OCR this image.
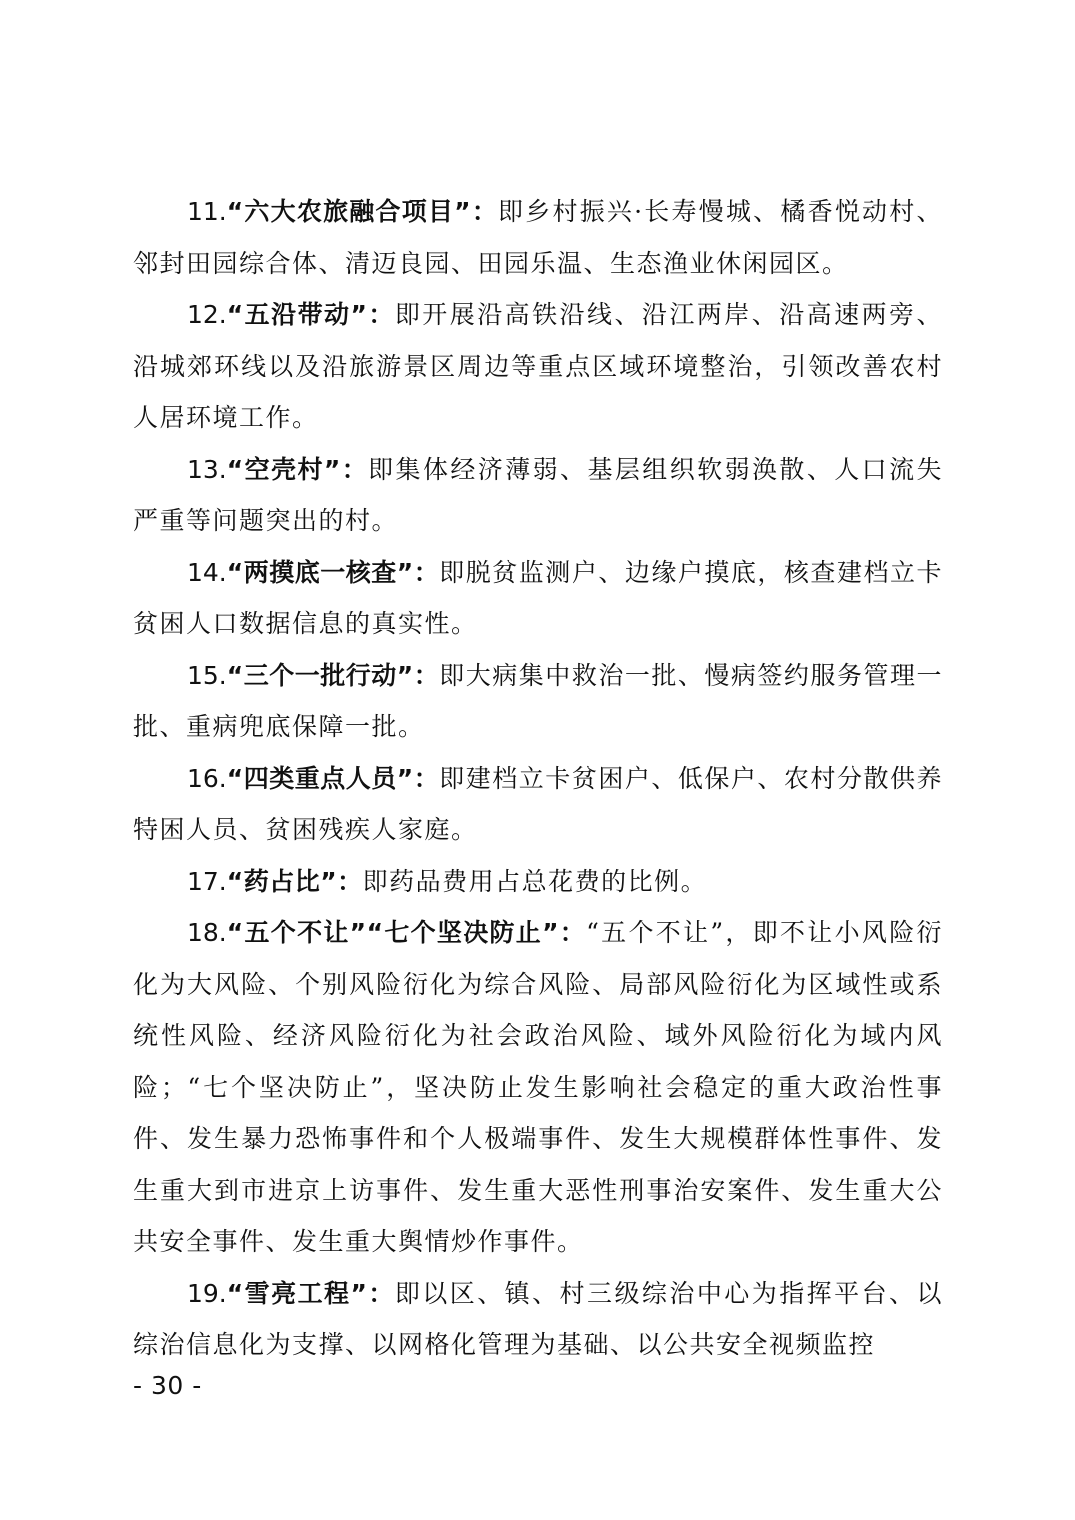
11.“六大农旅融合项目”：即乡村振兴·长寿慢城、橘香悦动村、邻封田园综合体、清迈良园、田园乐温、生态渔业休闲园区。

12.“五沿带动”：即开展沿高铁沿线、沿江两岸、沿高速两旁、沿城郊环线以及沿旅游景区周边等重点区域环境整治，引领改善农村人居环境工作。

13.“空壳村”：即集体经济薄弱、基层组织软弱涣散、人口流失严重等问题突出的村。

14.“两摸底一核查”：即脱贫监测户、边缘户摸底，核查建档立卡贫困人口数据信息的真实性。

15.“三个一批行动”：即大病集中救治一批、慢病签约服务管理一批、重病兜底保障一批。

16.“四类重点人员”：即建档立卡贫困户、低保户、农村分散供养特困人员、贫困残疾人家庭。

17.“药占比”：即药品费用占总花费的比例。

18.“五个不让”“七个坚决防止”：“五个不让”，即不让小风险衍化为大风险、个别风险衍化为综合风险、局部风险衍化为区域性或系统性风险、经济风险衍化为社会政治风险、域外风险衍化为域内风险；“七个坚决防止”，坚决防止发生影响社会稳定的重大政治性事件、发生暴力恐怖事件和个人极端事件、发生大规模群体性事件、发生重大到市进京上访事件、发生重大恶性刑事治安案件、发生重大公共安全事件、发生重大舆情炒作事件。

19.“雪亮工程”：即以区、镇、村三级综治中心为指挥平台、以综治信息化为支撑、以网格化管理为基础、以公共安全视频监控

- 30 -
